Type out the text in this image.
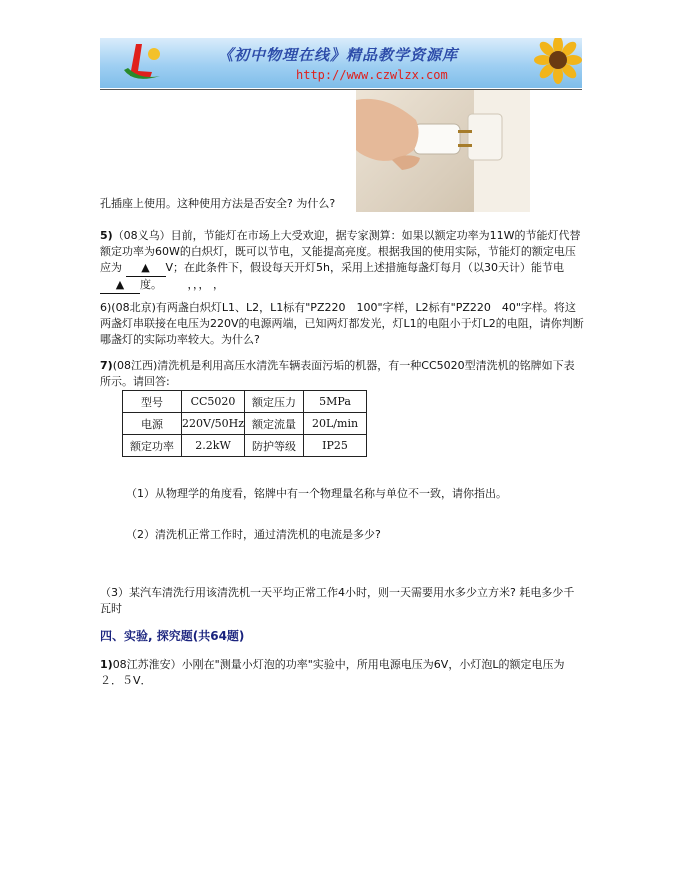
《初中物理在线》精品教学资源库
http://www.czwlzx.com
孔插座上使用。这种使用方法是否安全? 为什么?
5)（08义乌）目前，节能灯在市场上大受欢迎，据专家测算：如果以额定功率为11W的节能灯代替额定功率为60W的白炽灯，既可以节电，又能提高亮度。根据我国的使用实际，节能灯的额定电压应为 ▲ V；在此条件下，假设每天开灯5h，采用上述措施每盏灯每月（以30天计）能节电 ▲ 度。 ，，， ，
6)(08北京)有两盏白炽灯L1、L2，L1标有"PZ220　100"字样，L2标有"PZ220　40"字样。将这两盏灯串联接在电压为220V的电源两端，已知两灯都发光，灯L1的电阻小于灯L2的电阻，请你判断哪盏灯的实际功率较大。为什么?
7)(08江西)清洗机是利用高压水清洗车辆表面污垢的机器，有一种CC5020型清洗机的铭牌如下表所示。请回答:
型号	CC5020	额定压力	5MPa
电源	220V/50Hz	额定流量	20L/min
额定功率	2.2kW	防护等级	IP25
（1）从物理学的角度看，铭牌中有一个物理量名称与单位不一致，请你指出。
（2）清洗机正常工作时，通过清洗机的电流是多少?
（3）某汽车清洗行用该清洗机一天平均正常工作4小时，则一天需要用水多少立方米? 耗电多少千瓦时
四、实验, 探究题(共64题)
1)08江苏淮安）小刚在"测量小灯泡的功率"实验中，所用电源电压为6V，小灯泡L的额定电压为２．５V．
